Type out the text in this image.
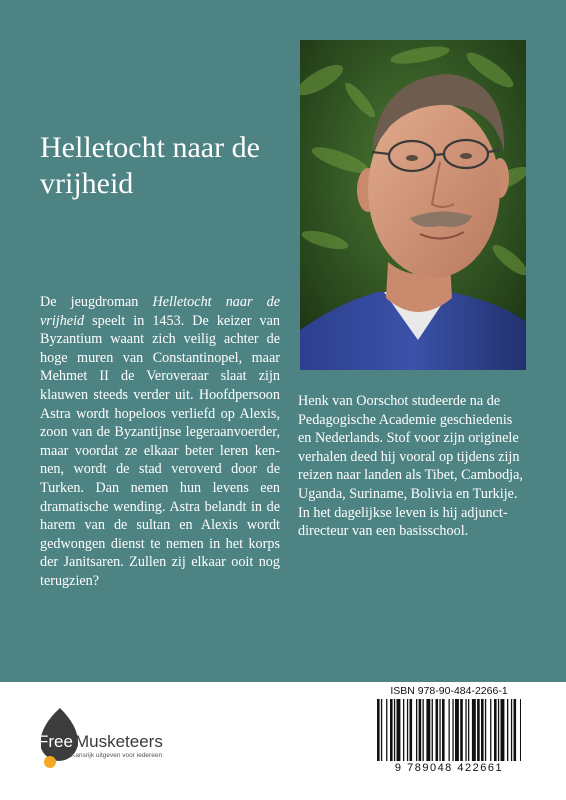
Helletocht naar de vrijheid
De jeugdroman Helletocht naar de vrijheid speelt in 1453. De keizer van Byzantium waant zich veilig achter de hoge muren van Constantinopel, maar Mehmet II de Veroveraar slaat zijn klauwen steeds verder uit. Hoofdpersoon Astra wordt hopeloos verliefd op Alexis, zoon van de Byzantijnse legeraanvoerder, maar voordat ze elkaar beter leren kennen, wordt de stad veroverd door de Turken. Dan nemen hun levens een dramatische wending. Astra belandt in de harem van de sultan en Alexis wordt gedwongen dienst te nemen in het korps der Janitsaren. Zullen zij elkaar ooit nog terugzien?

Henk van Oorschot studeerde na de Pedagogische Academie geschiedenis en Nederlands. Stof voor zijn originele verhalen deed hij vooral op tijdens zijn reizen naar landen als Tibet, Cambodja, Uganda, Suriname, Bolivia en Turkije.

In het dagelijkse leven is hij adjunctdirecteur van een basisschool.

Free Musketeers
Kansrijk uitgeven voor iedereen
ISBN 978-90-484-2266-1
9 789048 422661
